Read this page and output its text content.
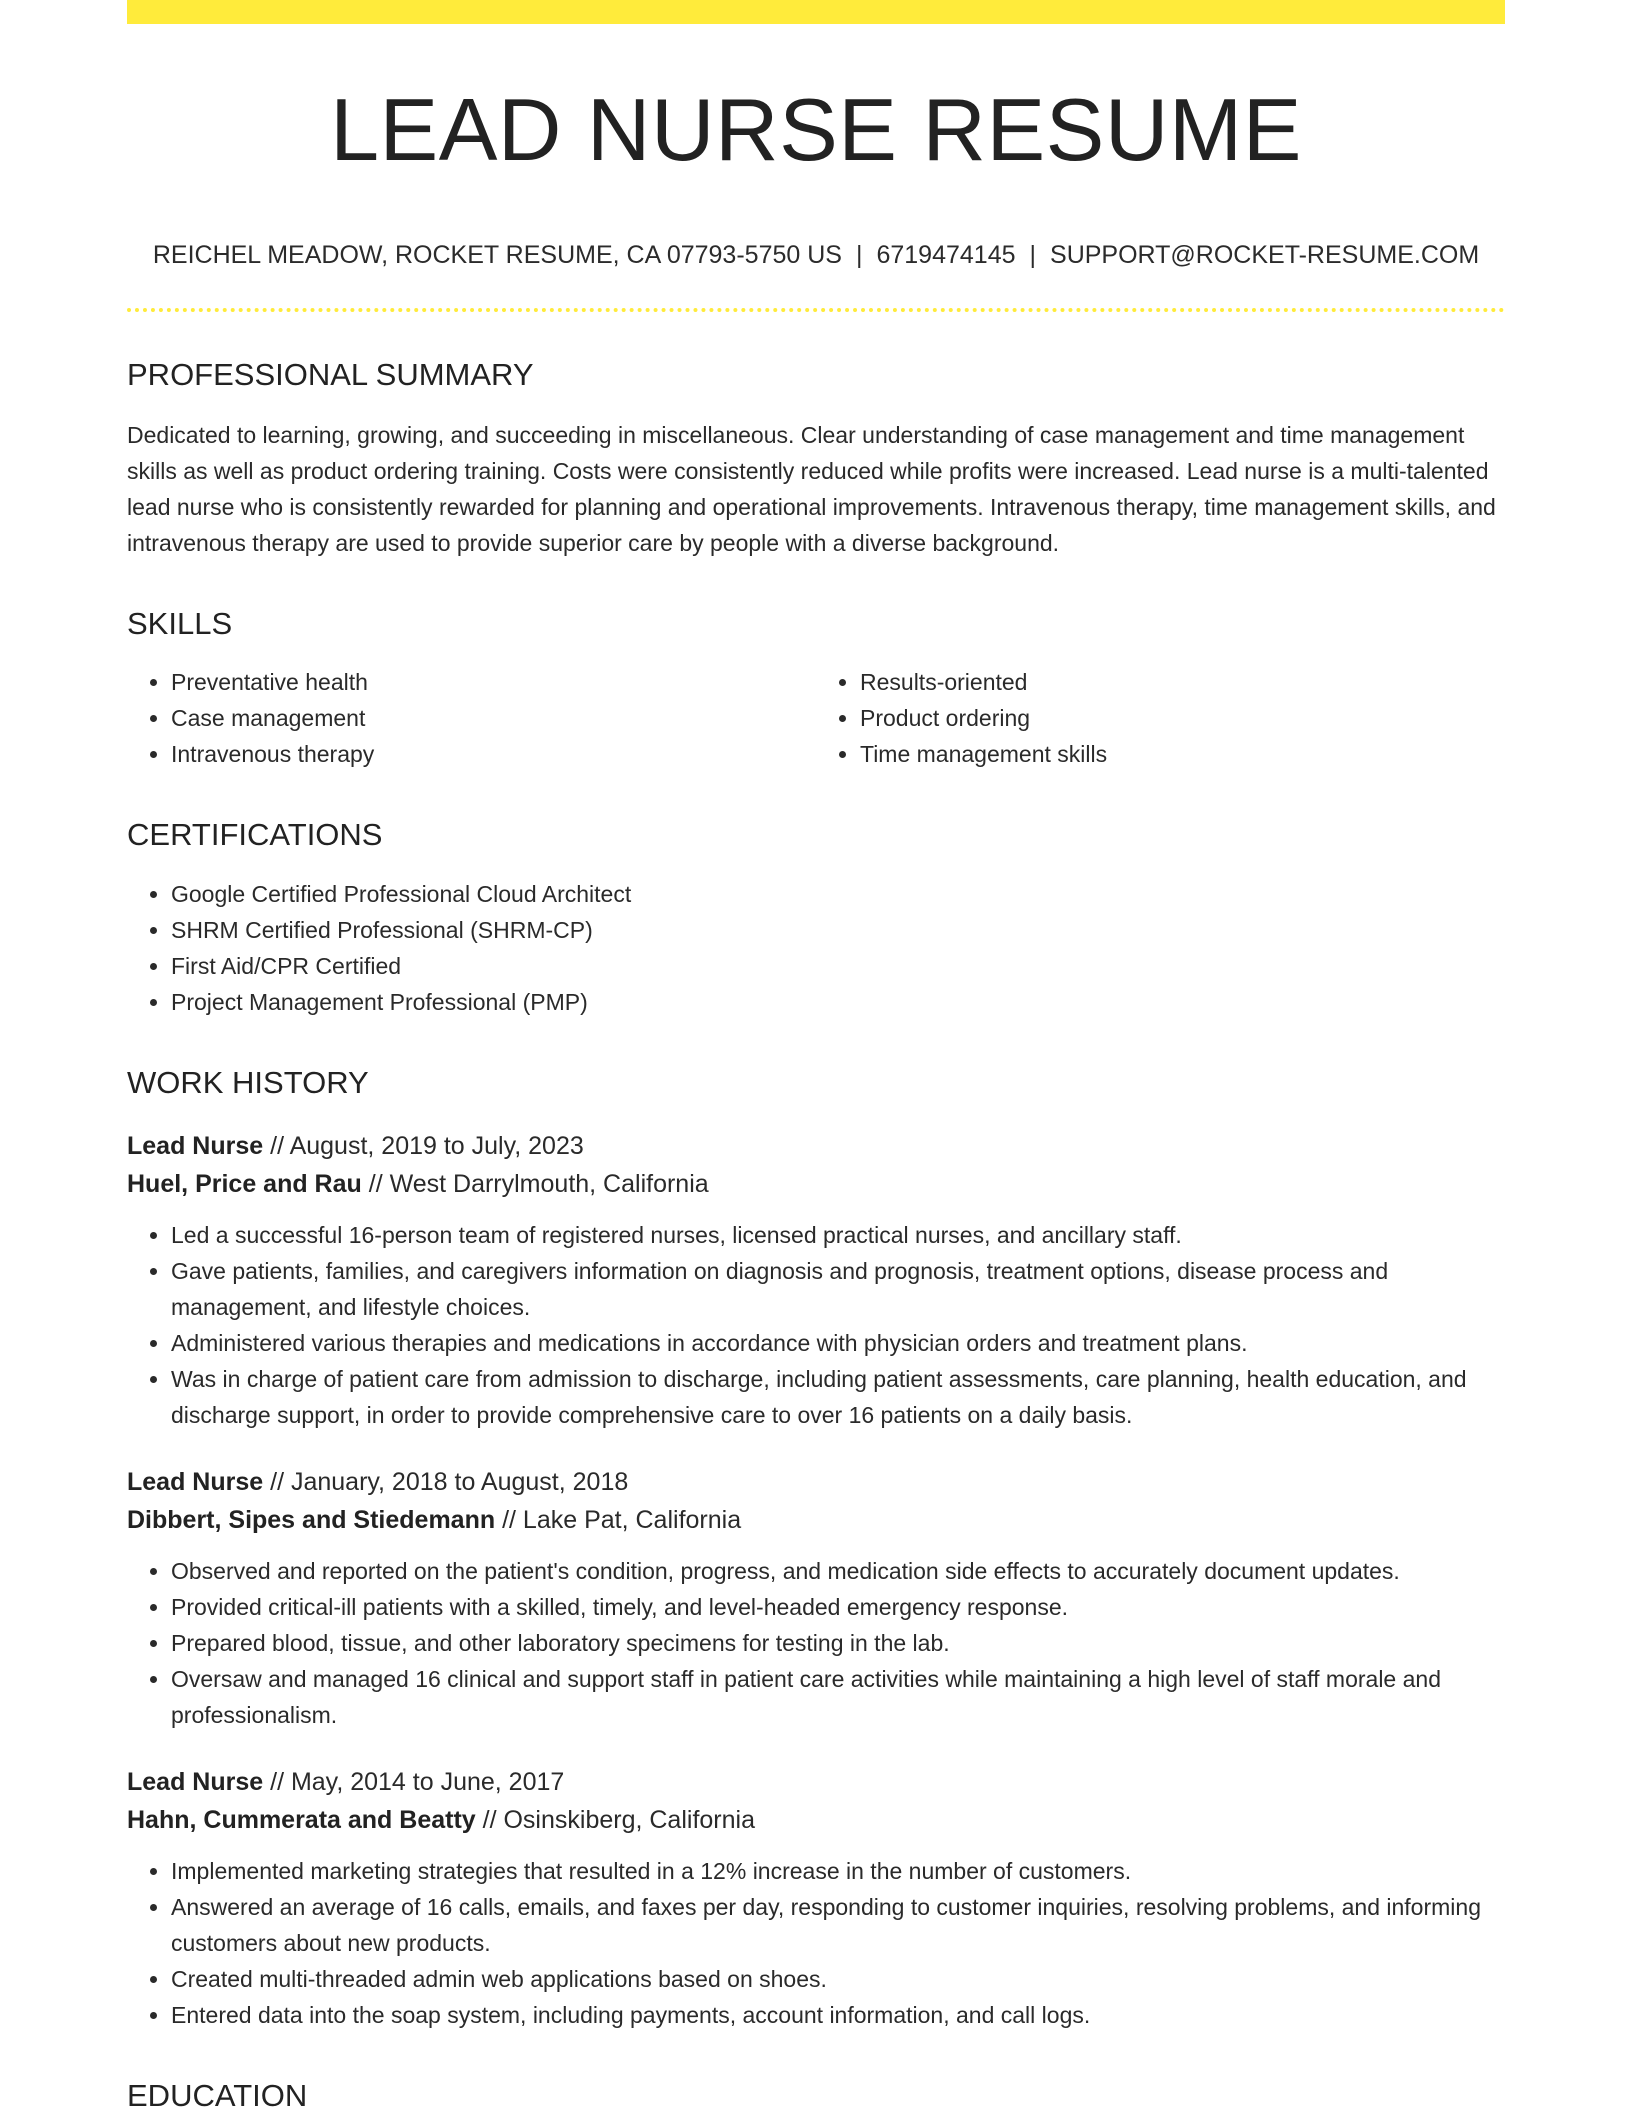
LEAD NURSE RESUME
REICHEL MEADOW, ROCKET RESUME, CA 07793-5750 US | 6719474145 | SUPPORT@ROCKET-RESUME.COM
PROFESSIONAL SUMMARY

Dedicated to learning, growing, and succeeding in miscellaneous. Clear understanding of case management and time management skills as well as product ordering training. Costs were consistently reduced while profits were increased. Lead nurse is a multi-talented lead nurse who is consistently rewarded for planning and operational improvements. Intravenous therapy, time management skills, and intravenous therapy are used to provide superior care by people with a diverse background.

SKILLS
• Preventative health
• Case management
• Intravenous therapy
• Results-oriented
• Product ordering
• Time management skills
CERTIFICATIONS
• Google Certified Professional Cloud Architect
• SHRM Certified Professional (SHRM-CP)
• First Aid/CPR Certified
• Project Management Professional (PMP)
WORK HISTORY
Lead Nurse // August, 2019 to July, 2023
Huel, Price and Rau // West Darrylmouth, California
• Led a successful 16-person team of registered nurses, licensed practical nurses, and ancillary staff.
• Gave patients, families, and caregivers information on diagnosis and prognosis, treatment options, disease process and management, and lifestyle choices.
• Administered various therapies and medications in accordance with physician orders and treatment plans.
• Was in charge of patient care from admission to discharge, including patient assessments, care planning, health education, and discharge support, in order to provide comprehensive care to over 16 patients on a daily basis.
Lead Nurse // January, 2018 to August, 2018
Dibbert, Sipes and Stiedemann // Lake Pat, California
• Observed and reported on the patient's condition, progress, and medication side effects to accurately document updates.
• Provided critical-ill patients with a skilled, timely, and level-headed emergency response.
• Prepared blood, tissue, and other laboratory specimens for testing in the lab.
• Oversaw and managed 16 clinical and support staff in patient care activities while maintaining a high level of staff morale and professionalism.
Lead Nurse // May, 2014 to June, 2017
Hahn, Cummerata and Beatty // Osinskiberg, California
• Implemented marketing strategies that resulted in a 12% increase in the number of customers.
• Answered an average of 16 calls, emails, and faxes per day, responding to customer inquiries, resolving problems, and informing customers about new products.
• Created multi-threaded admin web applications based on shoes.
• Entered data into the soap system, including payments, account information, and call logs.
EDUCATION
